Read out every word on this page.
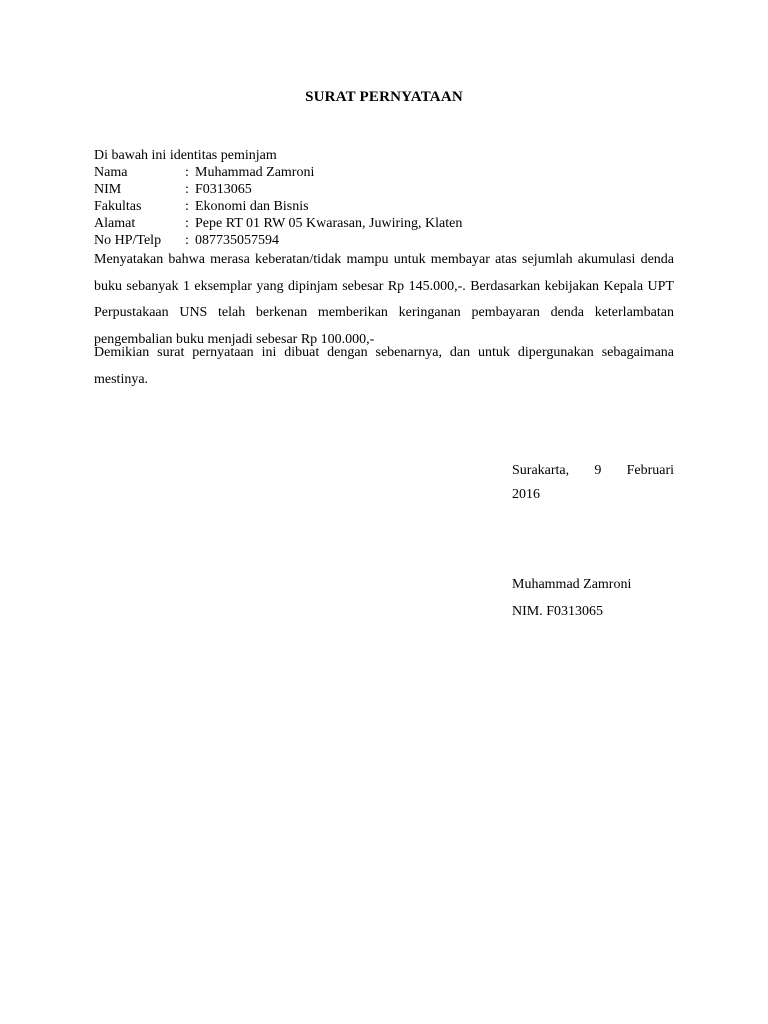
SURAT PERNYATAAN
Di bawah ini identitas peminjam
Nama	:	Muhammad Zamroni
NIM	:	F0313065
Fakultas	:	Ekonomi dan Bisnis
Alamat	:	Pepe RT 01 RW 05 Kwarasan, Juwiring, Klaten
No HP/Telp	:	087735057594
Menyatakan bahwa merasa keberatan/tidak mampu untuk membayar atas sejumlah akumulasi denda buku sebanyak 1 eksemplar yang dipinjam sebesar Rp 145.000,-. Berdasarkan kebijakan Kepala UPT Perpustakaan UNS telah berkenan memberikan keringanan pembayaran denda keterlambatan pengembalian buku menjadi sebesar Rp 100.000,-
Demikian surat pernyataan ini dibuat dengan sebenarnya, dan untuk dipergunakan sebagaimana mestinya.
Surakarta, 9 Februari
2016
Muhammad Zamroni
NIM. F0313065
